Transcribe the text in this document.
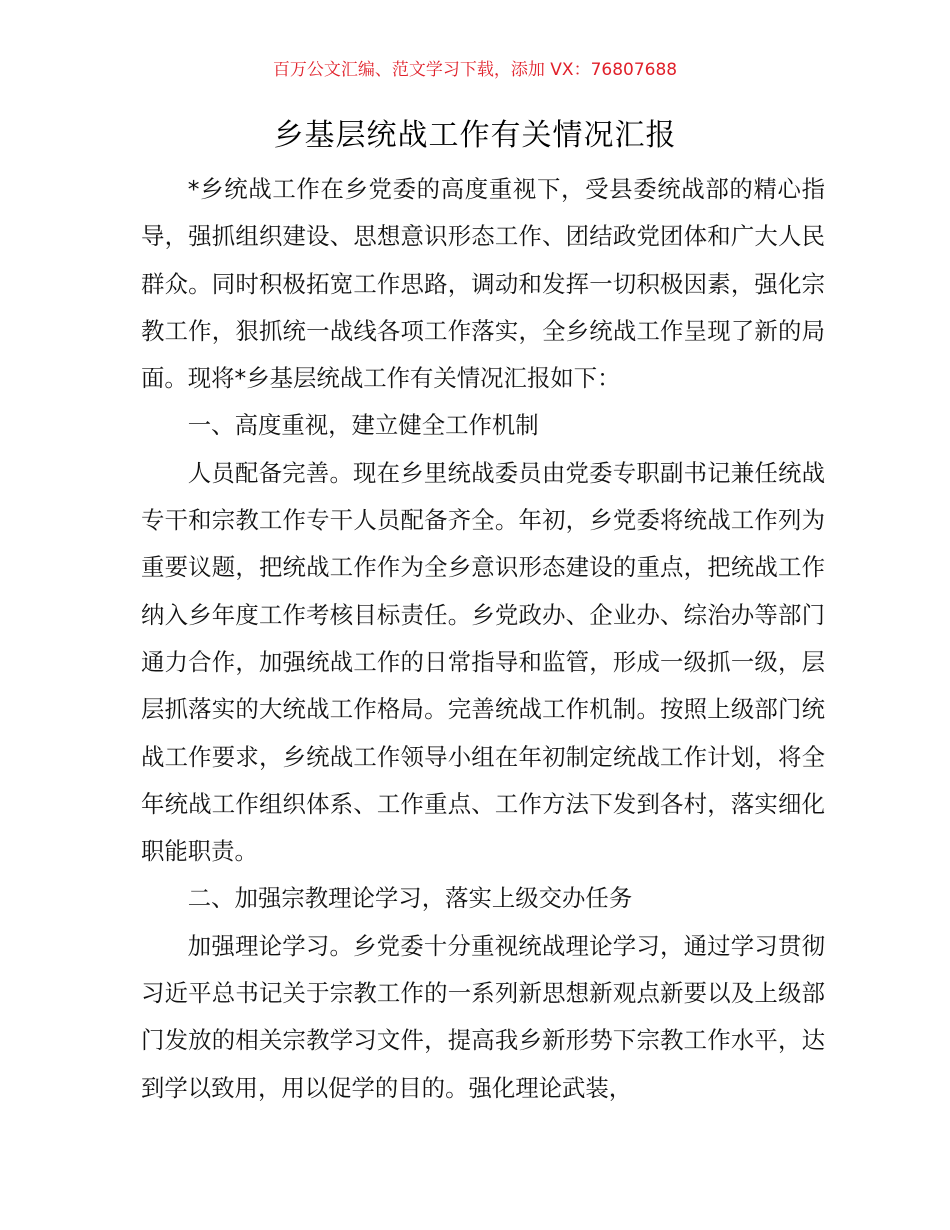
百万公文汇编、范文学习下载，添加 VX：76807688
乡基层统战工作有关情况汇报

*乡统战工作在乡党委的高度重视下，受县委统战部的精心指导，强抓组织建设、思想意识形态工作、团结政党团体和广大人民群众。同时积极拓宽工作思路，调动和发挥一切积极因素，强化宗教工作，狠抓统一战线各项工作落实，全乡统战工作呈现了新的局面。现将*乡基层统战工作有关情况汇报如下：

一、高度重视，建立健全工作机制

人员配备完善。现在乡里统战委员由党委专职副书记兼任统战专干和宗教工作专干人员配备齐全。年初，乡党委将统战工作列为重要议题，把统战工作作为全乡意识形态建设的重点，把统战工作纳入乡年度工作考核目标责任。乡党政办、企业办、综治办等部门通力合作，加强统战工作的日常指导和监管，形成一级抓一级，层层抓落实的大统战工作格局。完善统战工作机制。按照上级部门统战工作要求，乡统战工作领导小组在年初制定统战工作计划，将全年统战工作组织体系、工作重点、工作方法下发到各村，落实细化职能职责。

二、加强宗教理论学习，落实上级交办任务

加强理论学习。乡党委十分重视统战理论学习，通过学习贯彻习近平总书记关于宗教工作的一系列新思想新观点新要以及上级部门发放的相关宗教学习文件，提高我乡新形势下宗教工作水平，达到学以致用，用以促学的目的。强化理论武装，
